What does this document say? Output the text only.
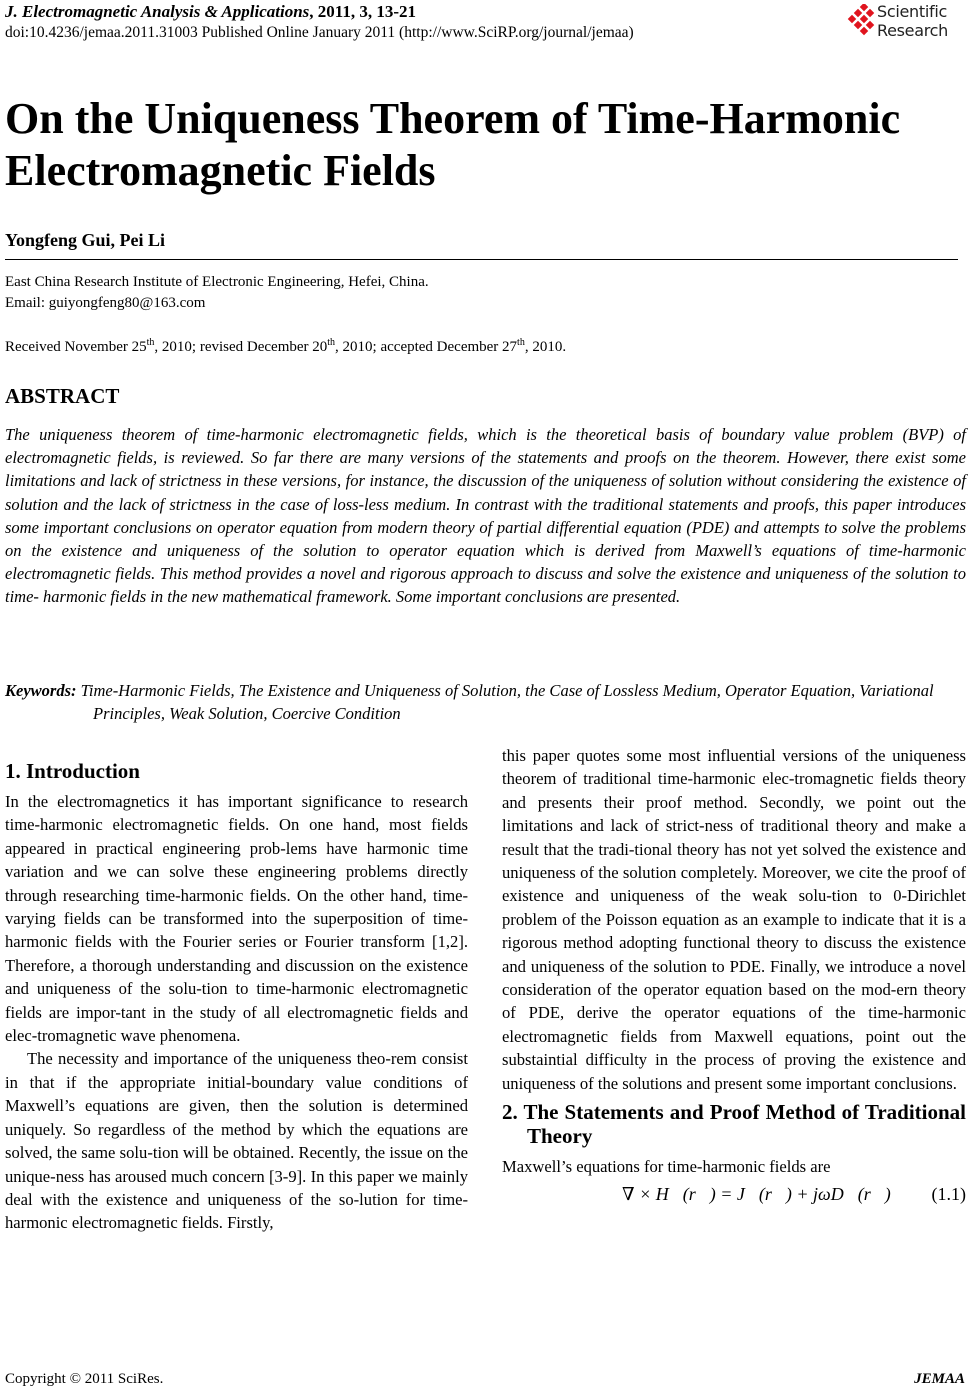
J. Electromagnetic Analysis & Applications, 2011, 3, 13-21
doi:10.4236/jemaa.2011.31003 Published Online January 2011 (http://www.SciRP.org/journal/jemaa)
Scientific
Research
On the Uniqueness Theorem of Time-Harmonic Electromagnetic Fields
Yongfeng Gui, Pei Li
East China Research Institute of Electronic Engineering, Hefei, China.
Email: guiyongfeng80@163.com
Received November 25th, 2010; revised December 20th, 2010; accepted December 27th, 2010.
ABSTRACT
The uniqueness theorem of time-harmonic electromagnetic fields, which is the theoretical basis of boundary value problem (BVP) of electromagnetic fields, is reviewed. So far there are many versions of the statements and proofs on the theorem. However, there exist some limitations and lack of strictness in these versions, for instance, the discussion of the uniqueness of solution without considering the existence of solution and the lack of strictness in the case of loss-less medium. In contrast with the traditional statements and proofs, this paper introduces some important conclusions on operator equation from modern theory of partial differential equation (PDE) and attempts to solve the problems on the existence and uniqueness of the solution to operator equation which is derived from Maxwell’s equations of time-harmonic electromagnetic fields. This method provides a novel and rigorous approach to discuss and solve the existence and uniqueness of the solution to time- harmonic fields in the new mathematical framework. Some important conclusions are presented.
Keywords: Time-Harmonic Fields, The Existence and Uniqueness of Solution, the Case of Lossless Medium, Operator Equation, Variational Principles, Weak Solution, Coercive Condition
1. Introduction

In the electromagnetics it has important significance to research time-harmonic electromagnetic fields. On one hand, most fields appeared in practical engineering prob-lems have harmonic time variation and we can solve these engineering problems directly through researching time-harmonic fields. On the other hand, time-varying fields can be transformed into the superposition of time-harmonic fields with the Fourier series or Fourier transform [1,2]. Therefore, a thorough understanding and discussion on the existence and uniqueness of the solu-tion to time-harmonic electromagnetic fields are impor-tant in the study of all electromagnetic fields and elec-tromagnetic wave phenomena.

The necessity and importance of the uniqueness theo-rem consist in that if the appropriate initial-boundary value conditions of Maxwell’s equations are given, then the solution is determined uniquely. So regardless of the method by which the equations are solved, the same solu-tion will be obtained. Recently, the issue on the unique-ness has aroused much concern [3-9]. In this paper we mainly deal with the existence and uniqueness of the so-lution for time-harmonic electromagnetic fields. Firstly,

this paper quotes some most influential versions of the uniqueness theorem of traditional time-harmonic elec-tromagnetic fields theory and presents their proof method. Secondly, we point out the limitations and lack of strict-ness of traditional theory and make a result that the tradi-tional theory has not yet solved the existence and uniqueness of the solution completely. Moreover, we cite the proof of existence and uniqueness of the weak solu-tion to 0-Dirichlet problem of the Poisson equation as an example to indicate that it is a rigorous method adopting functional theory to discuss the existence and uniqueness of the solution to PDE. Finally, we introduce a novel consideration of the operator equation based on the mod-ern theory of PDE, derive the operator equations of the time-harmonic electromagnetic fields from Maxwell equations, point out the substaintial difficulty in the process of proving the existence and uniqueness of the solutions and present some important conclusions.

2. The Statements and Proof Method of Traditional Theory

Maxwell’s equations for time-harmonic fields are

∇ × H⃗(r⃗) = J⃗(r⃗) + jωD⃗(r⃗) (1.1)
Copyright © 2011 SciRes.	JEMAA
